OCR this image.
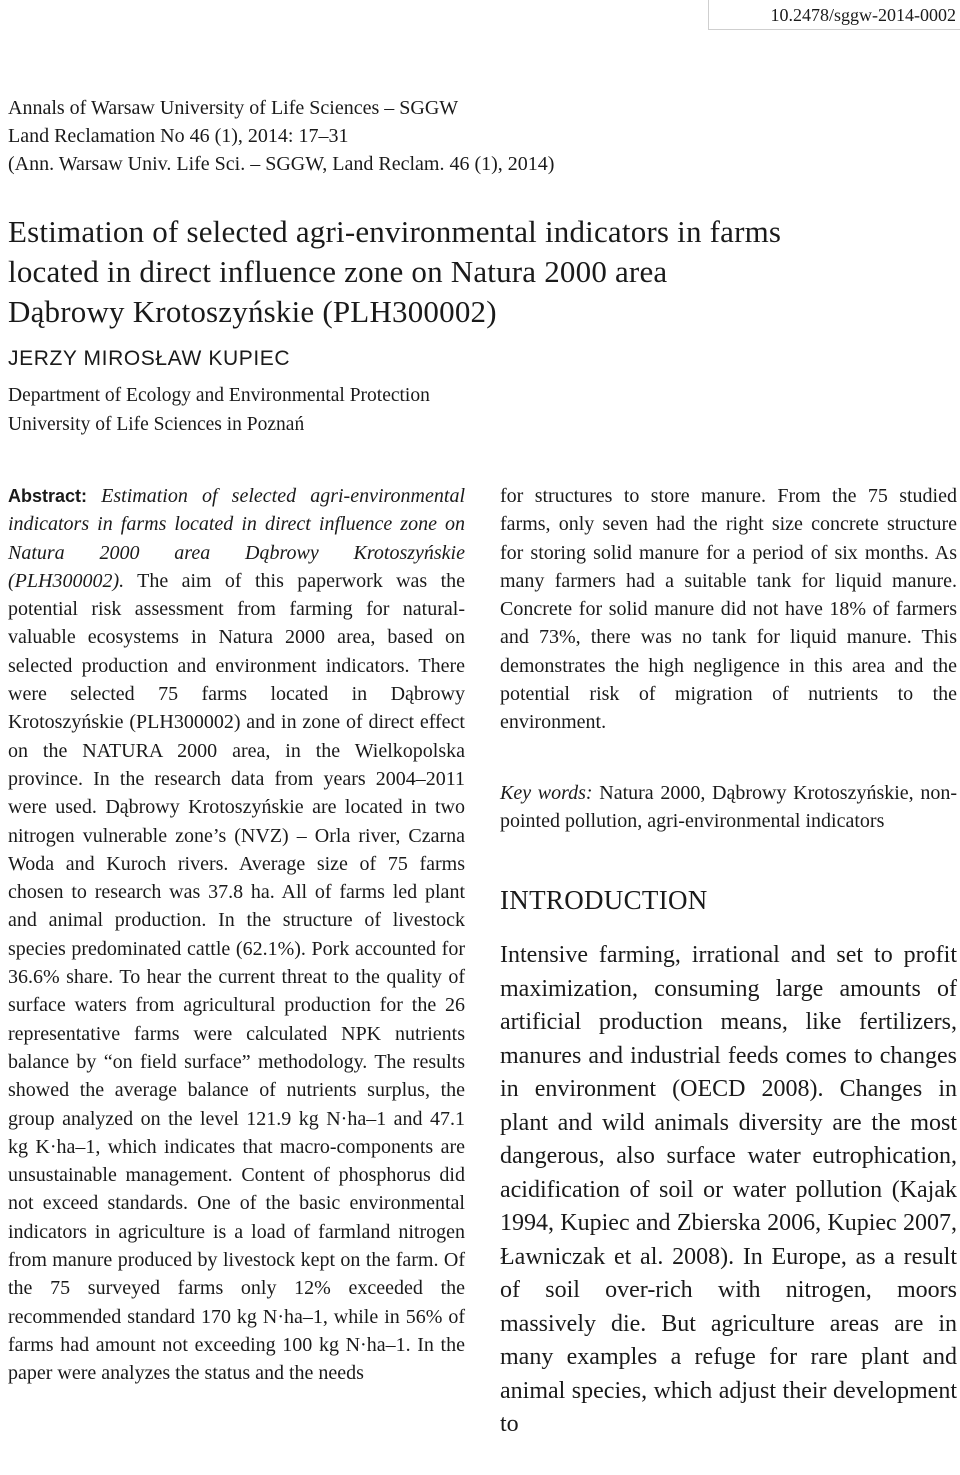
10.2478/sggw-2014-0002
Annals of Warsaw University of Life Sciences – SGGW
Land Reclamation No 46 (1), 2014: 17–31
(Ann. Warsaw Univ. Life Sci. – SGGW, Land Reclam. 46 (1), 2014)
Estimation of selected agri-environmental indicators in farms
located in direct influence zone on Natura 2000 area
Dąbrowy Krotoszyńskie (PLH300002)
JERZY MIROSŁAW KUPIEC
Department of Ecology and Environmental Protection
University of Life Sciences in Poznań

Abstract: Estimation of selected agri-environmental indicators in farms located in direct influence zone on Natura 2000 area Dąbrowy Krotoszyńskie (PLH300002). The aim of this paperwork was the potential risk assessment from farming for natural-valuable ecosystems in Natura 2000 area, based on selected production and environment indicators. There were selected 75 farms located in Dąbrowy Krotoszyńskie (PLH300002) and in zone of direct effect on the NATURA 2000 area, in the Wielkopolska province. In the research data from years 2004–2011 were used. Dąbrowy Krotoszyńskie are located in two nitrogen vulnerable zone’s (NVZ) – Orla river, Czarna Woda and Kuroch rivers. Average size of 75 farms chosen to research was 37.8 ha. All of farms led plant and animal production. In the structure of livestock species predominated cattle (62.1%). Pork accounted for 36.6% share. To hear the current threat to the quality of surface waters from agricultural production for the 26 representative farms were calculated NPK nutrients balance by “on field surface” methodology. The results showed the average balance of nutrients surplus, the group analyzed on the level 121.9 kg N·ha–1 and 47.1 kg K·ha–1, which indicates that macro-components are unsustainable management. Content of phosphorus did not exceed standards. One of the basic environmental indicators in agriculture is a load of farmland nitrogen from manure produced by livestock kept on the farm. Of the 75 surveyed farms only 12% exceeded the recommended standard 170 kg N·ha–1, while in 56% of farms had amount not exceeding 100 kg N·ha–1. In the paper were analyzes the status and the needs

for structures to store manure. From the 75 studied farms, only seven had the right size concrete structure for storing solid manure for a period of six months. As many farmers had a suitable tank for liquid manure. Concrete for solid manure did not have 18% of farmers and 73%, there was no tank for liquid manure. This demonstrates the high negligence in this area and the potential risk of migration of nutrients to the environment.

Key words: Natura 2000, Dąbrowy Krotoszyńskie, non-pointed pollution, agri-environmental indicators

INTRODUCTION

Intensive farming, irrational and set to profit maximization, consuming large amounts of artificial production means, like fertilizers, manures and industrial feeds comes to changes in environment (OECD 2008). Changes in plant and wild animals diversity are the most dangerous, also surface water eutrophication, acidification of soil or water pollution (Kajak 1994, Kupiec and Zbierska 2006, Kupiec 2007, Ławniczak et al. 2008). In Europe, as a result of soil over-rich with nitrogen, moors massively die. But agriculture areas are in many examples a refuge for rare plant and animal species, which adjust their development to
